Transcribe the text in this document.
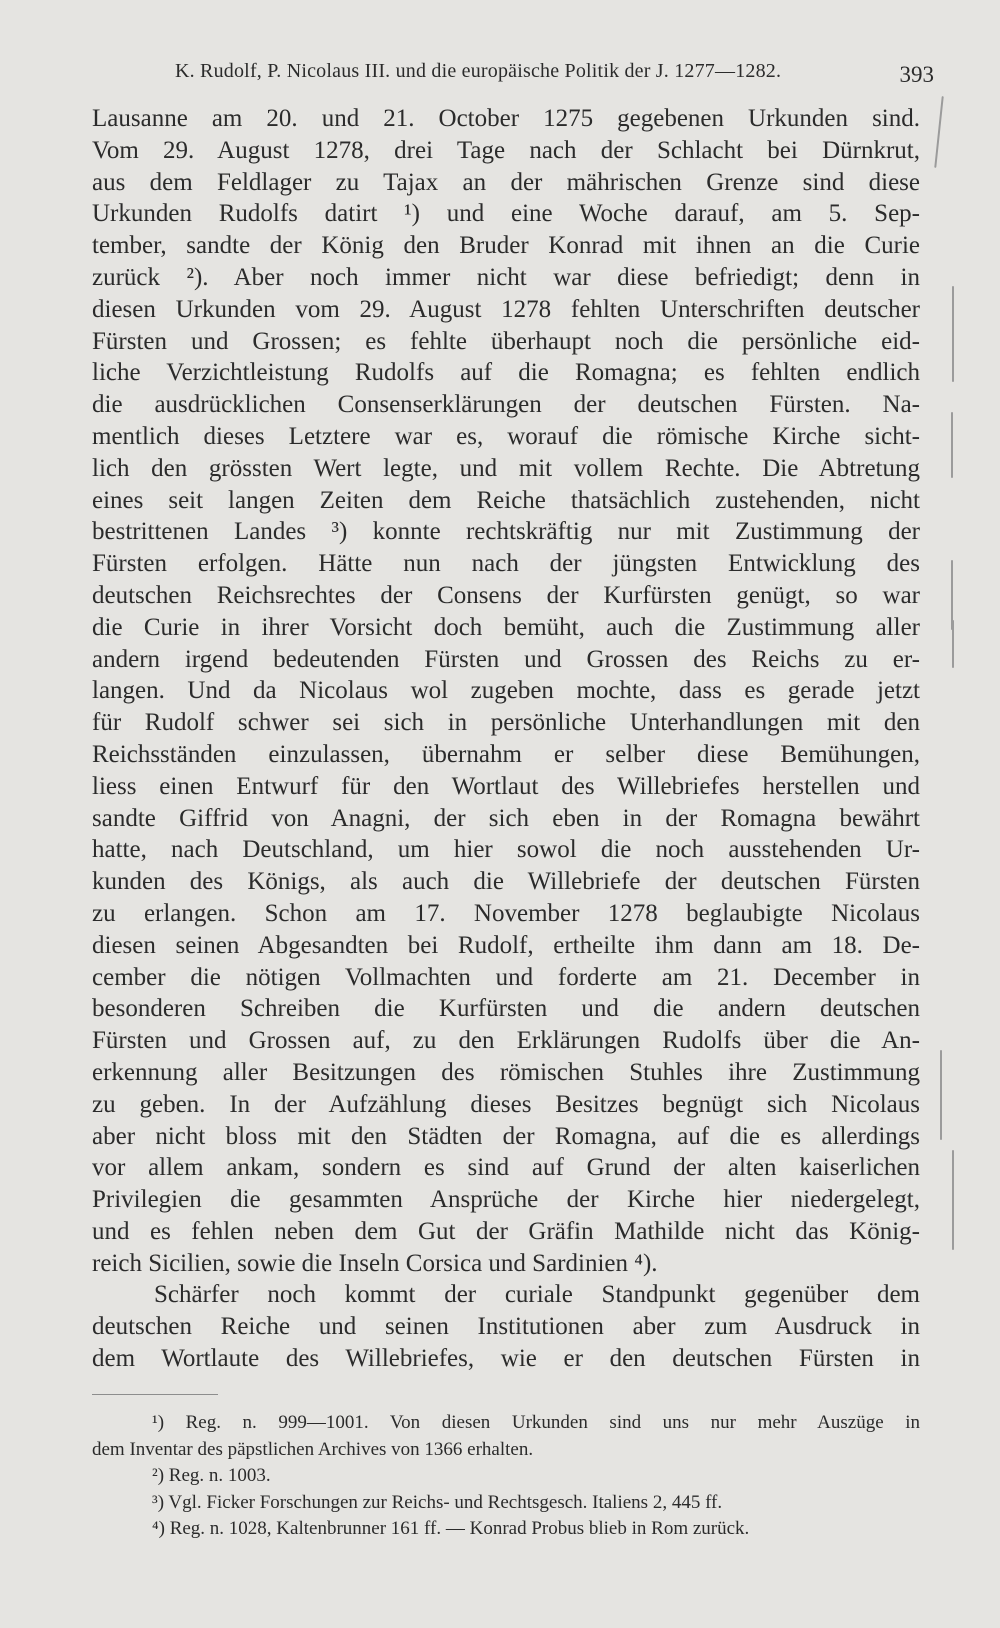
K. Rudolf, P. Nicolaus III. und die europäische Politik der J. 1277—1282.	393
Lausanne am 20. und 21. October 1275 gegebenen Urkunden sind.
Vom 29. August 1278, drei Tage nach der Schlacht bei Dürnkrut,
aus dem Feldlager zu Tajax an der mährischen Grenze sind diese
Urkunden Rudolfs datirt ¹) und eine Woche darauf, am 5. Sep-
tember, sandte der König den Bruder Konrad mit ihnen an die Curie
zurück ²). Aber noch immer nicht war diese befriedigt; denn in
diesen Urkunden vom 29. August 1278 fehlten Unterschriften deutscher
Fürsten und Grossen; es fehlte überhaupt noch die persönliche eid-
liche Verzichtleistung Rudolfs auf die Romagna; es fehlten endlich
die ausdrücklichen Consenserklärungen der deutschen Fürsten. Na-
mentlich dieses Letztere war es, worauf die römische Kirche sicht-
lich den grössten Wert legte, und mit vollem Rechte. Die Abtretung
eines seit langen Zeiten dem Reiche thatsächlich zustehenden, nicht
bestrittenen Landes ³) konnte rechtskräftig nur mit Zustimmung der
Fürsten erfolgen. Hätte nun nach der jüngsten Entwicklung des
deutschen Reichsrechtes der Consens der Kurfürsten genügt, so war
die Curie in ihrer Vorsicht doch bemüht, auch die Zustimmung aller
andern irgend bedeutenden Fürsten und Grossen des Reichs zu er-
langen. Und da Nicolaus wol zugeben mochte, dass es gerade jetzt
für Rudolf schwer sei sich in persönliche Unterhandlungen mit den
Reichsständen einzulassen, übernahm er selber diese Bemühungen,
liess einen Entwurf für den Wortlaut des Willebriefes herstellen und
sandte Giffrid von Anagni, der sich eben in der Romagna bewährt
hatte, nach Deutschland, um hier sowol die noch ausstehenden Ur-
kunden des Königs, als auch die Willebriefe der deutschen Fürsten
zu erlangen. Schon am 17. November 1278 beglaubigte Nicolaus
diesen seinen Abgesandten bei Rudolf, ertheilte ihm dann am 18. De-
cember die nötigen Vollmachten und forderte am 21. December in
besonderen Schreiben die Kurfürsten und die andern deutschen
Fürsten und Grossen auf, zu den Erklärungen Rudolfs über die An-
erkennung aller Besitzungen des römischen Stuhles ihre Zustimmung
zu geben. In der Aufzählung dieses Besitzes begnügt sich Nicolaus
aber nicht bloss mit den Städten der Romagna, auf die es allerdings
vor allem ankam, sondern es sind auf Grund der alten kaiserlichen
Privilegien die gesammten Ansprüche der Kirche hier niedergelegt,
und es fehlen neben dem Gut der Gräfin Mathilde nicht das König-
reich Sicilien, sowie die Inseln Corsica und Sardinien ⁴).
Schärfer noch kommt der curiale Standpunkt gegenüber dem
deutschen Reiche und seinen Institutionen aber zum Ausdruck in
dem Wortlaute des Willebriefes, wie er den deutschen Fürsten in
¹) Reg. n. 999—1001. Von diesen Urkunden sind uns nur mehr Auszüge in
dem Inventar des päpstlichen Archives von 1366 erhalten.
²) Reg. n. 1003.
³) Vgl. Ficker Forschungen zur Reichs- und Rechtsgesch. Italiens 2, 445 ff.
⁴) Reg. n. 1028, Kaltenbrunner 161 ff. — Konrad Probus blieb in Rom zurück.
